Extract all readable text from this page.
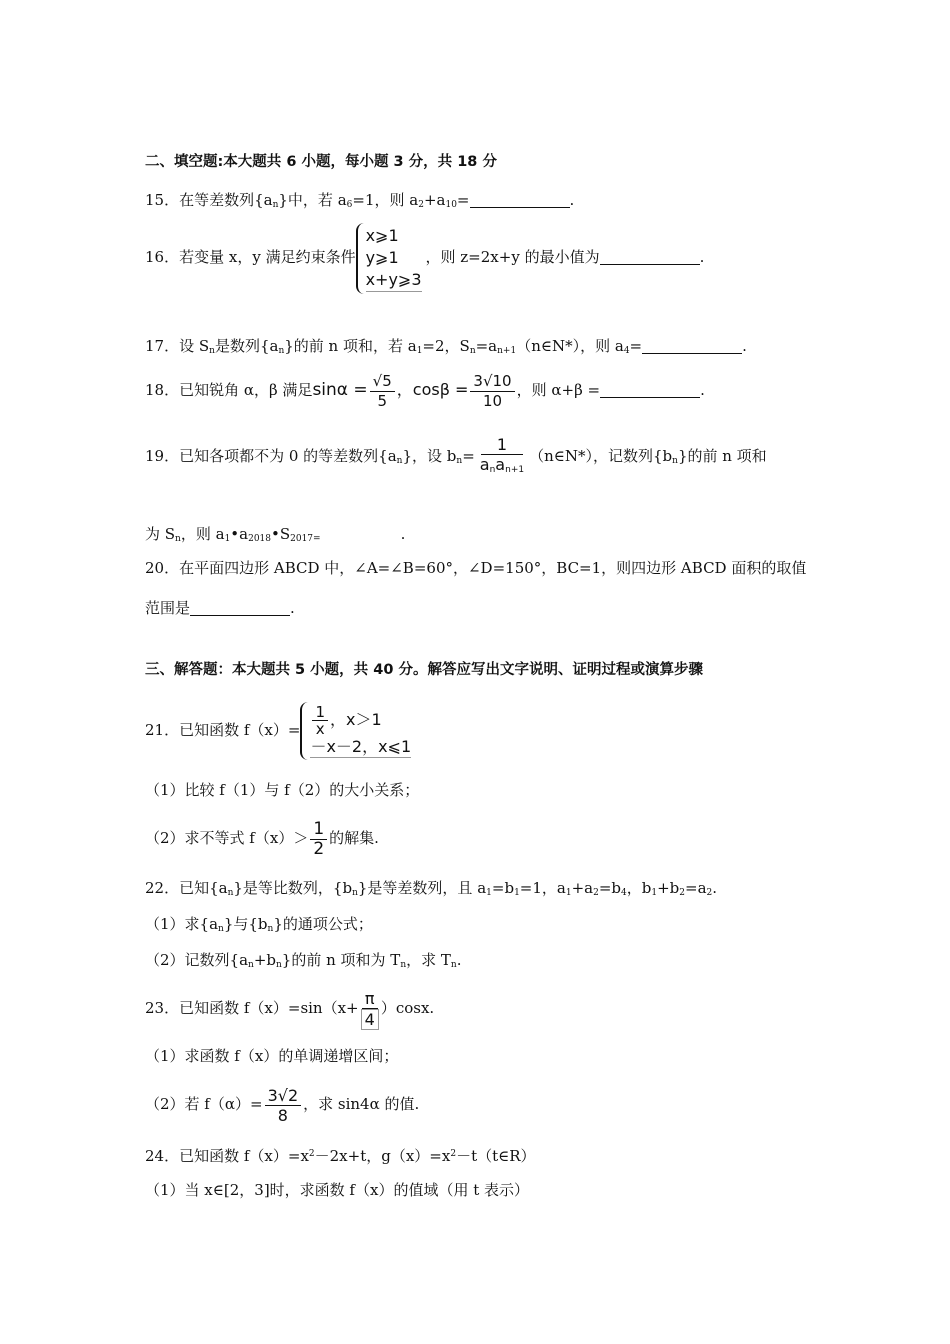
二、填空题:本大题共 6 小题，每小题 3 分，共 18 分
15．在等差数列$\{a_n\}$中，若 $a_6=1$，则 $a_2+a_{10}=$	.
16．若变量 x，y 满足约束条件
x⩾1
y⩾1
x+y⩾3
，则 z=2x+y 的最小值为	.
17．设 $S_n$是数列$\{a_n\}$的前 n 项和，若 $a_1=2$，$S_n=a_{n+1}(n\in N*)$，则 $a_4=$	.
18．已知锐角 α，β 满足$\sin\alpha = \frac{√5}{5}$ ，$\cos\beta = \frac{3√10}{10}$ ，则 α+β =	.
19．已知各项都不为 0 的等差数列$\{a_n\}$，设 $b_n= \frac{1}{a_na_{n+1}}$ （n∈N*），记数列$\{b_n\}$的前 n 项和
为 $S_n$，则 $a_1•a_{2018}•S_{2017=}$	.
20．在平面四边形 ABCD 中，∠A=∠B=60°，∠D=150°，BC=1，则四边形 ABCD 面积的取值
范围是	.
三、解答题：本大题共 5 小题，共 40 分。解答应写出文字说明、证明过程或演算步骤
21．已知函数 $f(x)= \frac{1}{x}$ ，x＞1
－x－2，x⩽1
（1）比较 f（1）与 f（2）的大小关系；
（2）求不等式 $f(x)> \frac{1}{2}$ 的解集.
22．已知$\{a_n\}$是等比数列，$\{b_n\}$是等差数列，且 $a_1=b_1=1$，$a_1+a_2=b_4$，$b_1+b_2=a_2$.
（1）求$\{a_n\}$与$\{b_n\}$的通项公式；
（2）记数列$\{a_n+b_n\}$的前 n 项和为 $T_n$，求 $T_n$.
23．已知函数 $f(x)=\sin(x+ \frac{\pi}{4} )\cos x$.
（1）求函数 f（x）的单调递增区间；
（2）若 $f(\alpha)= \frac{3√2}{8}$ ，求 sin4α 的值.
24．已知函数 $f(x)=x^2-2x+t$，$g(x)=x^2-t(t\in R)$
（1）当 x∈[2，3]时，求函数 f（x）的值域（用 t 表示）
